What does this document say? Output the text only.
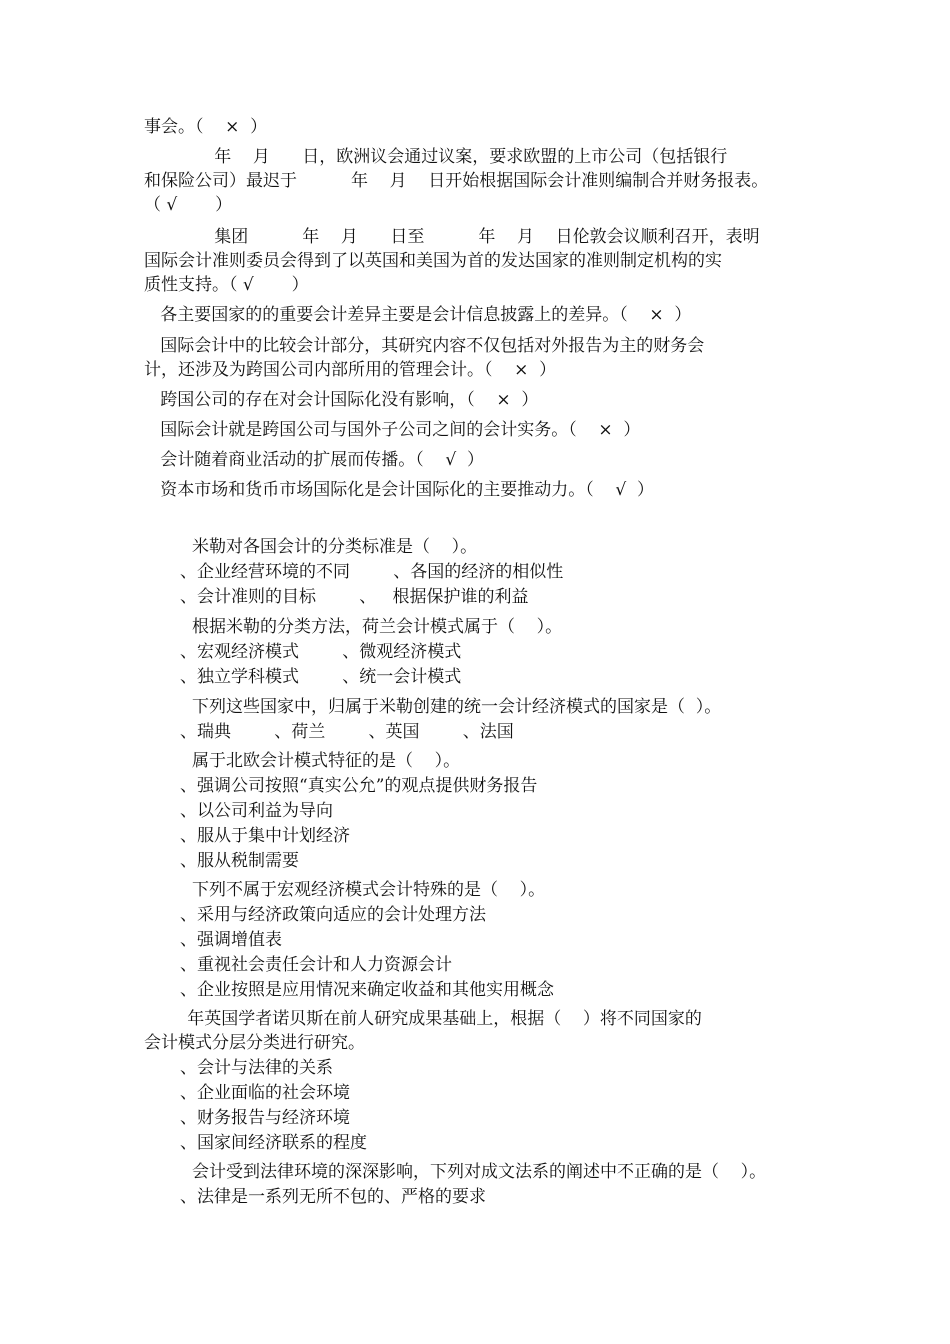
事会。（    ×  ）
年    月      日，欧洲议会通过议案，要求欧盟的上市公司（包括银行
和保险公司）最迟于          年    月    日开始根据国际会计准则编制合并财务报表。
（ √       ）
集团          年    月      日至          年    月    日伦敦会议顺利召开，表明
国际会计准则委员会得到了以英国和美国为首的发达国家的准则制定机构的实
质性支持。（ √       ）
各主要国家的的重要会计差异主要是会计信息披露上的差异。（    ×  ）
国际会计中的比较会计部分，其研究内容不仅包括对外报告为主的财务会
计，还涉及为跨国公司内部所用的管理会计。（    ×  ）
跨国公司的存在对会计国际化没有影响，（    ×  ）
国际会计就是跨国公司与国外子公司之间的会计实务。（    ×  ）
会计随着商业活动的扩展而传播。（    √  ）
资本市场和货币市场国际化是会计国际化的主要推动力。（    √  ）
米勒对各国会计的分类标准是（    ）。
、企业经营环境的不同        、各国的经济的相似性
、会计准则的目标        、   根据保护谁的利益
根据米勒的分类方法，荷兰会计模式属于（    ）。
、宏观经济模式        、微观经济模式
、独立学科模式        、统一会计模式
下列这些国家中，归属于米勒创建的统一会计经济模式的国家是（  ）。
、瑞典        、荷兰        、英国        、法国
属于北欧会计模式特征的是（    ）。
、强调公司按照“真实公允”的观点提供财务报告
、以公司利益为导向
、服从于集中计划经济
、服从税制需要
下列不属于宏观经济模式会计特殊的是（    ）。
、采用与经济政策向适应的会计处理方法
、强调增值表
、重视社会责任会计和人力资源会计
、企业按照是应用情况来确定收益和其他实用概念
年英国学者诺贝斯在前人研究成果基础上，根据（    ）将不同国家的
会计模式分层分类进行研究。
、会计与法律的关系
、企业面临的社会环境
、财务报告与经济环境
、国家间经济联系的程度
会计受到法律环境的深深影响，下列对成文法系的阐述中不正确的是（    ）。
、法律是一系列无所不包的、严格的要求
